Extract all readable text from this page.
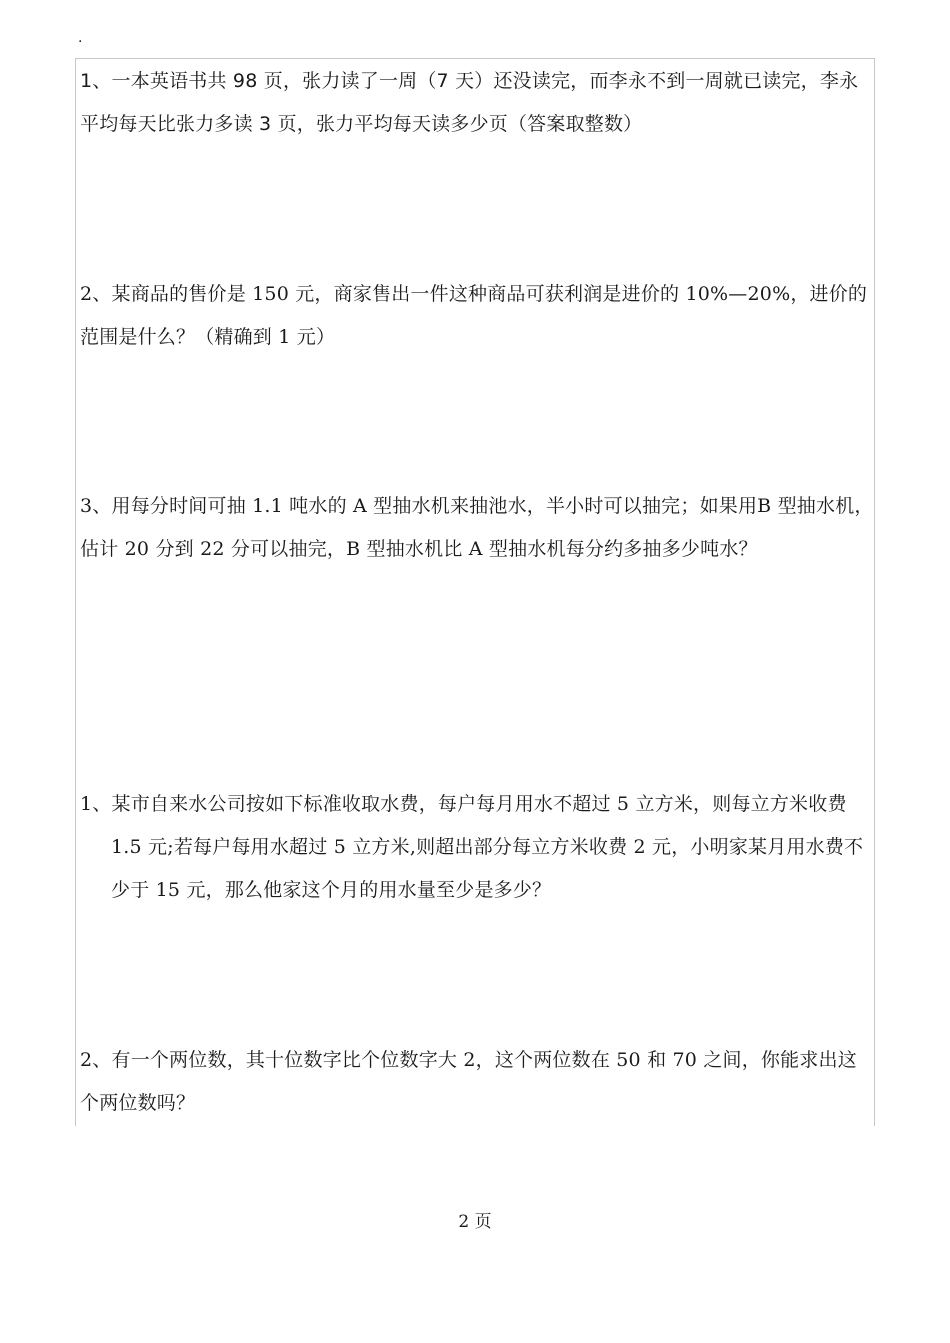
.

1、一本英语书共 98 页，张力读了一周（7 天）还没读完，而李永不到一周就已读完，李永平均每天比张力多读 3 页，张力平均每天读多少页（答案取整数）

2、某商品的售价是 150 元，商家售出一件这种商品可获利润是进价的 10%—20%，进价的范围是什么？（精确到 1 元）

3、用每分时间可抽 1.1 吨水的 A 型抽水机来抽池水，半小时可以抽完；如果用B 型抽水机，估计 20 分到 22 分可以抽完，B 型抽水机比 A 型抽水机每分约多抽多少吨水？

1、某市自来水公司按如下标准收取水费，每户每月用水不超过 5 立方米，则每立方米收费 1.5 元;若每户每用水超过 5 立方米,则超出部分每立方米收费 2 元，小明家某月用水费不少于 15 元，那么他家这个月的用水量至少是多少？

2、有一个两位数，其十位数字比个位数字大 2，这个两位数在 50 和 70 之间，你能求出这个两位数吗？

2 页
